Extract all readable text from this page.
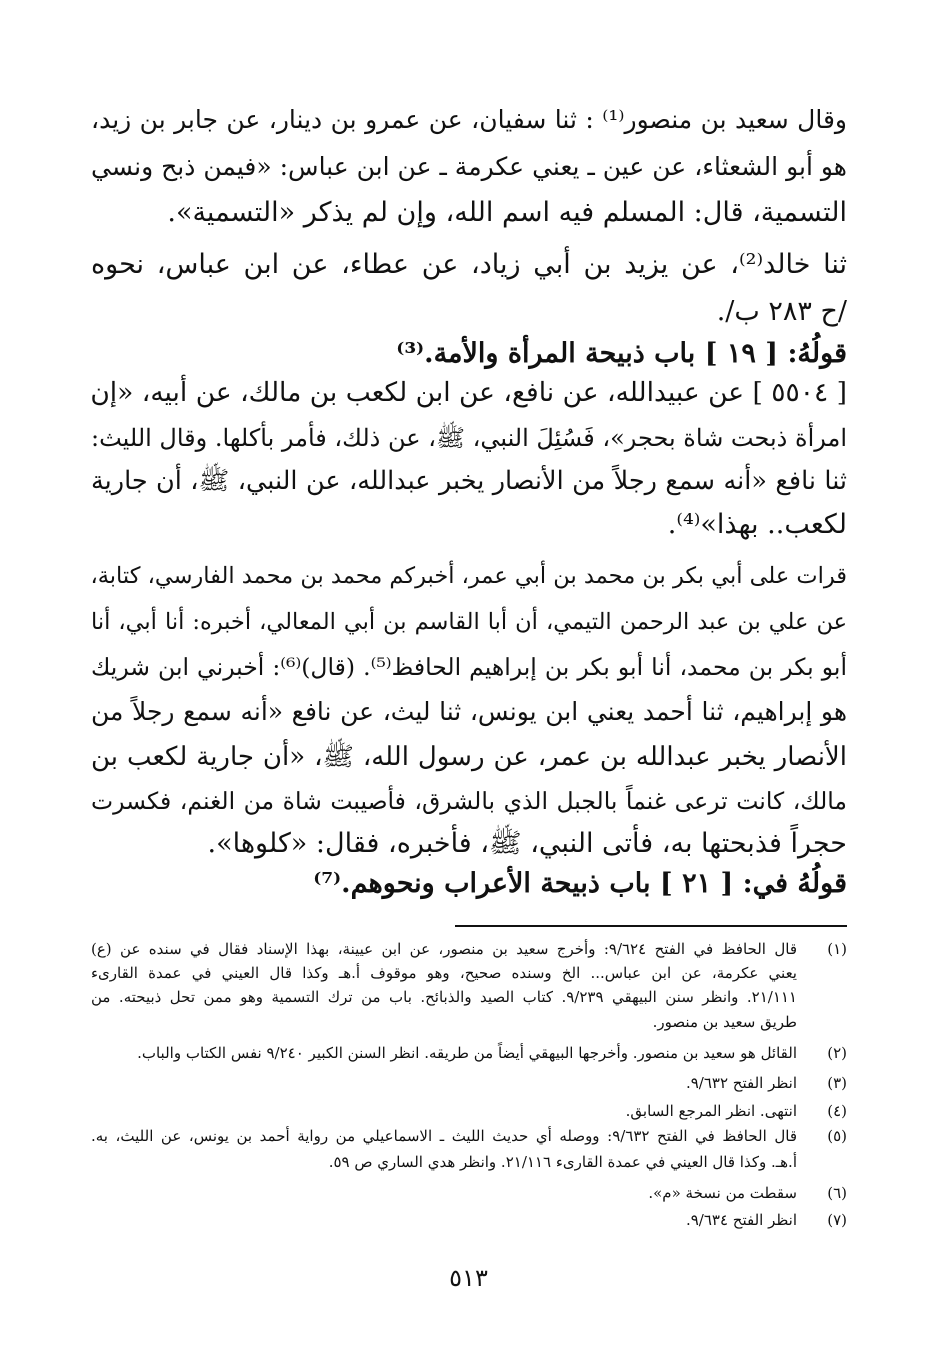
وقال سعيد بن منصور⁽¹⁾ : ثنا سفيان، عن عمرو بن دينار، عن جابر بن زيد،
هو أبو الشعثاء، عن عين ـ يعني عكرمة ـ عن ابن عباس: «فيمن ذبح ونسي
التسمية، قال: المسلم فيه اسم الله، وإن لم يذكر «التسمية».
ثنا خالد⁽²⁾، عن يزيد بن أبي زياد، عن عطاء، عن ابن عباس، نحوه
/ح ٢٨٣ ب/.
قولُهُ: [ ١٩ ] باب ذبيحة المرأة والأمة.⁽³⁾
[ ٥٥٠٤ ] عن عبيدالله، عن نافع، عن ابن لكعب بن مالك، عن أبيه، «إن
امرأة ذبحت شاة بحجر»، فَسُئِلَ النبي، ﷺ، عن ذلك، فأمر بأكلها. وقال الليث:
ثنا نافع «أنه سمع رجلاً من الأنصار يخبر عبدالله، عن النبي، ﷺ، أن جارية
لكعب.. بهذا»⁽⁴⁾.
قرات على أبي بكر بن محمد بن أبي عمر، أخبركم محمد بن محمد الفارسي، كتابة،
عن علي بن عبد الرحمن التيمي، أن أبا القاسم بن أبي المعالي، أخبره: أنا أبي، أنا
أبو بكر بن محمد، أنا أبو بكر بن إبراهيم الحافظ⁽⁵⁾. (قال)⁽⁶⁾: أخبرني ابن شريك
هو إبراهيم، ثنا أحمد يعني ابن يونس، ثنا ليث، عن نافع «أنه سمع رجلاً من
الأنصار يخبر عبدالله بن عمر، عن رسول الله، ﷺ، «أن جارية لكعب بن
مالك، كانت ترعى غنماً بالجبل الذي بالشرق، فأصيبت شاة من الغنم، فكسرت
حجراً فذبحتها به، فأتى النبي، ﷺ، فأخبره، فقال: «كلوها».
قولُهُ في: [ ٢١ ] باب ذبيحة الأعراب ونحوهم.⁽⁷⁾
(١)
قال الحافظ في الفتح ٩/٦٢٤: وأخرج سعيد بن منصور، عن ابن عيينة، بهذا الإسناد فقال في سنده عن (ع)
يعني عكرمة، عن ابن عباس... الخ وسنده صحيح، وهو موقوف أ.هـ وكذا قال العيني في عمدة القارىء
٢١/١١١. وانظر سنن البيهقي ٩/٢٣٩. كتاب الصيد والذبائح. باب من ترك التسمية وهو ممن تحل ذبيحته. من
طريق سعيد بن منصور.
(٢)
القائل هو سعيد بن منصور. وأخرجها البيهقي أيضاً من طريقه. انظر السنن الكبير ٩/٢٤٠ نفس الكتاب والباب.
(٣)
انظر الفتح ٩/٦٣٢.
(٤)
انتهى. انظر المرجع السابق.
(٥)
قال الحافظ في الفتح ٩/٦٣٢: ووصله أي حديث الليث ـ الاسماعيلي من رواية أحمد بن يونس، عن الليث، به.
أ.هـ. وكذا قال العيني في عمدة القارىء ٢١/١١٦. وانظر هدي الساري ص ٥٩.
(٦)
سقطت من نسخة «م».
(٧)
انظر الفتح ٩/٦٣٤.
٥١٣
